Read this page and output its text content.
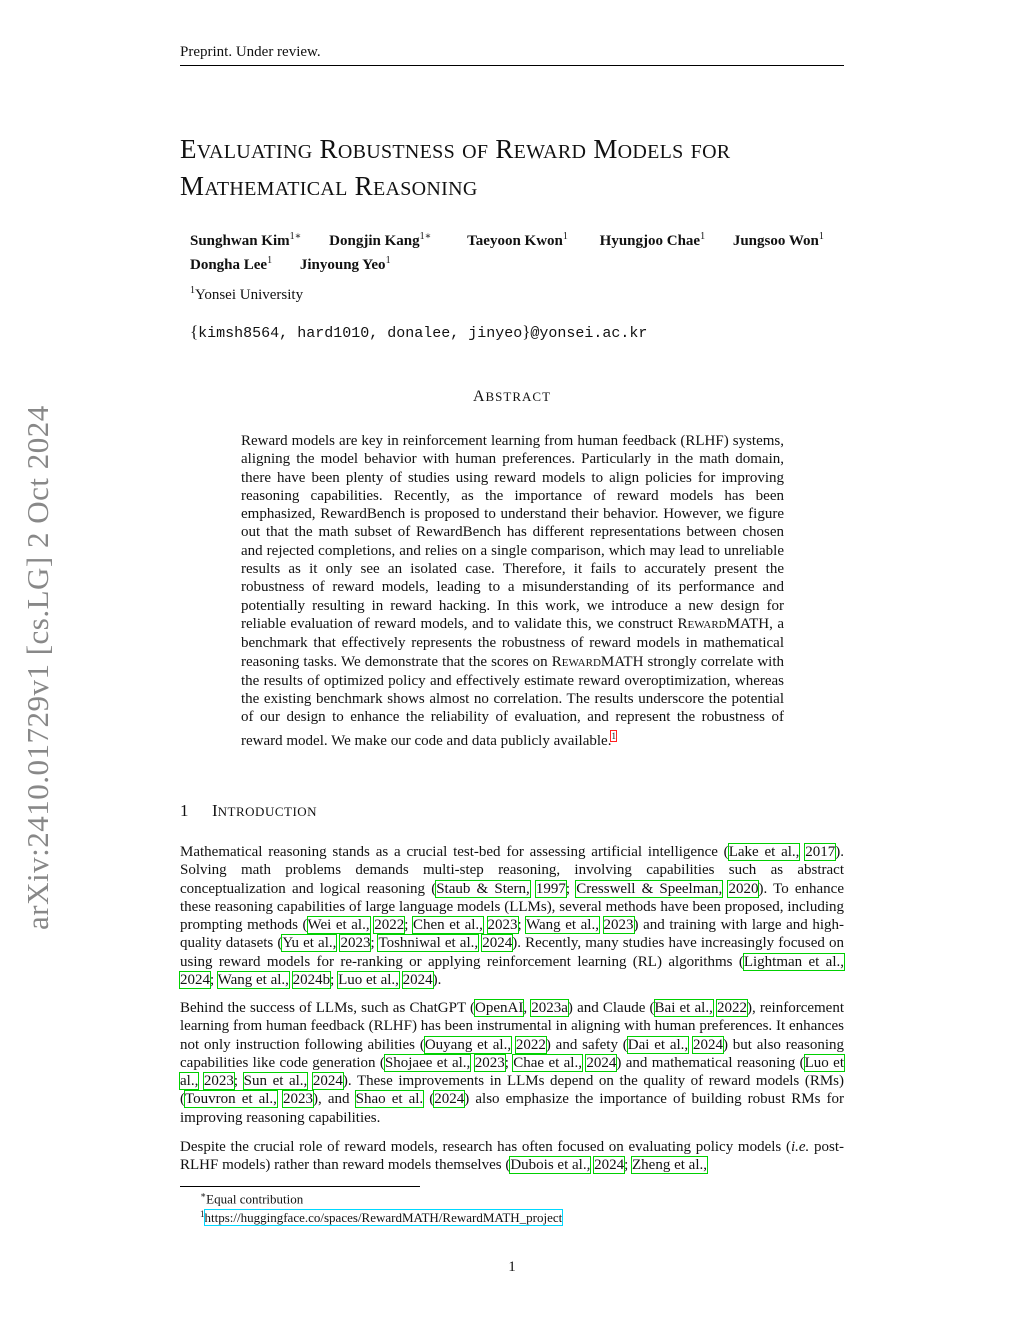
Preprint. Under review.
EVALUATING ROBUSTNESS OF REWARD MODELS FOR
MATHEMATICAL REASONING
Sunghwan Kim$^{1∗}$ Dongjin Kang$^{1∗}$ Taeyoon Kwon$^1$ Hyungjoo Chae$^1$ Jungsoo Won$^1$
Dongha Lee$^1$ Jinyoung Yeo$^1$
$^1$Yonsei University
{kimsh8564, hard1010, donalee, jinyeo}@yonsei.ac.kr
arXiv:2410.01729v1 [cs.LG] 2 Oct 2024
ABSTRACT
Reward models are key in reinforcement learning from human feedback (RLHF) systems, aligning the model behavior with human preferences. Particularly in the math domain, there have been plenty of studies using reward models to align policies for improving reasoning capabilities. Recently, as the importance of reward models has been emphasized, RewardBench is proposed to understand their behavior. However, we figure out that the math subset of RewardBench has different representations between chosen and rejected completions, and relies on a single comparison, which may lead to unreliable results as it only see an isolated case. Therefore, it fails to accurately present the robustness of reward models, leading to a misunderstanding of its performance and potentially resulting in reward hacking. In this work, we introduce a new design for reliable evaluation of reward models, and to validate this, we construct REWARDMATH, a benchmark that effectively represents the robustness of reward models in mathematical reasoning tasks. We demonstrate that the scores on REWARDMATH strongly correlate with the results of optimized policy and effectively estimate reward overoptimization, whereas the existing benchmark shows almost no correlation. The results underscore the potential of our design to enhance the reliability of evaluation, and represent the robustness of reward model. We make our code and data publicly available.$^1$
1 INTRODUCTION
Mathematical reasoning stands as a crucial test-bed for assessing artificial intelligence (Lake et al., 2017). Solving math problems demands multi-step reasoning, involving capabilities such as abstract conceptualization and logical reasoning (Staub & Stern, 1997; Cresswell & Speelman, 2020). To enhance these reasoning capabilities of large language models (LLMs), several methods have been proposed, including prompting methods (Wei et al., 2022; Chen et al., 2023; Wang et al., 2023) and training with large and high-quality datasets (Yu et al., 2023; Toshniwal et al., 2024). Recently, many studies have increasingly focused on using reward models for re-ranking or applying reinforcement learning (RL) algorithms (Lightman et al., 2024; Wang et al., 2024b; Luo et al., 2024).
Behind the success of LLMs, such as ChatGPT (OpenAI, 2023a) and Claude (Bai et al., 2022), reinforcement learning from human feedback (RLHF) has been instrumental in aligning with human preferences. It enhances not only instruction following abilities (Ouyang et al., 2022) and safety (Dai et al., 2024) but also reasoning capabilities like code generation (Shojaee et al., 2023; Chae et al., 2024) and mathematical reasoning (Luo et al., 2023; Sun et al., 2024). These improvements in LLMs depend on the quality of reward models (RMs) (Touvron et al., 2023), and Shao et al. (2024) also emphasize the importance of building robust RMs for improving reasoning capabilities.
Despite the crucial role of reward models, research has often focused on evaluating policy models (i.e. post-RLHF models) rather than reward models themselves (Dubois et al., 2024; Zheng et al.,
∗Equal contribution
$^1$https://huggingface.co/spaces/RewardMATH/RewardMATH_project
1
